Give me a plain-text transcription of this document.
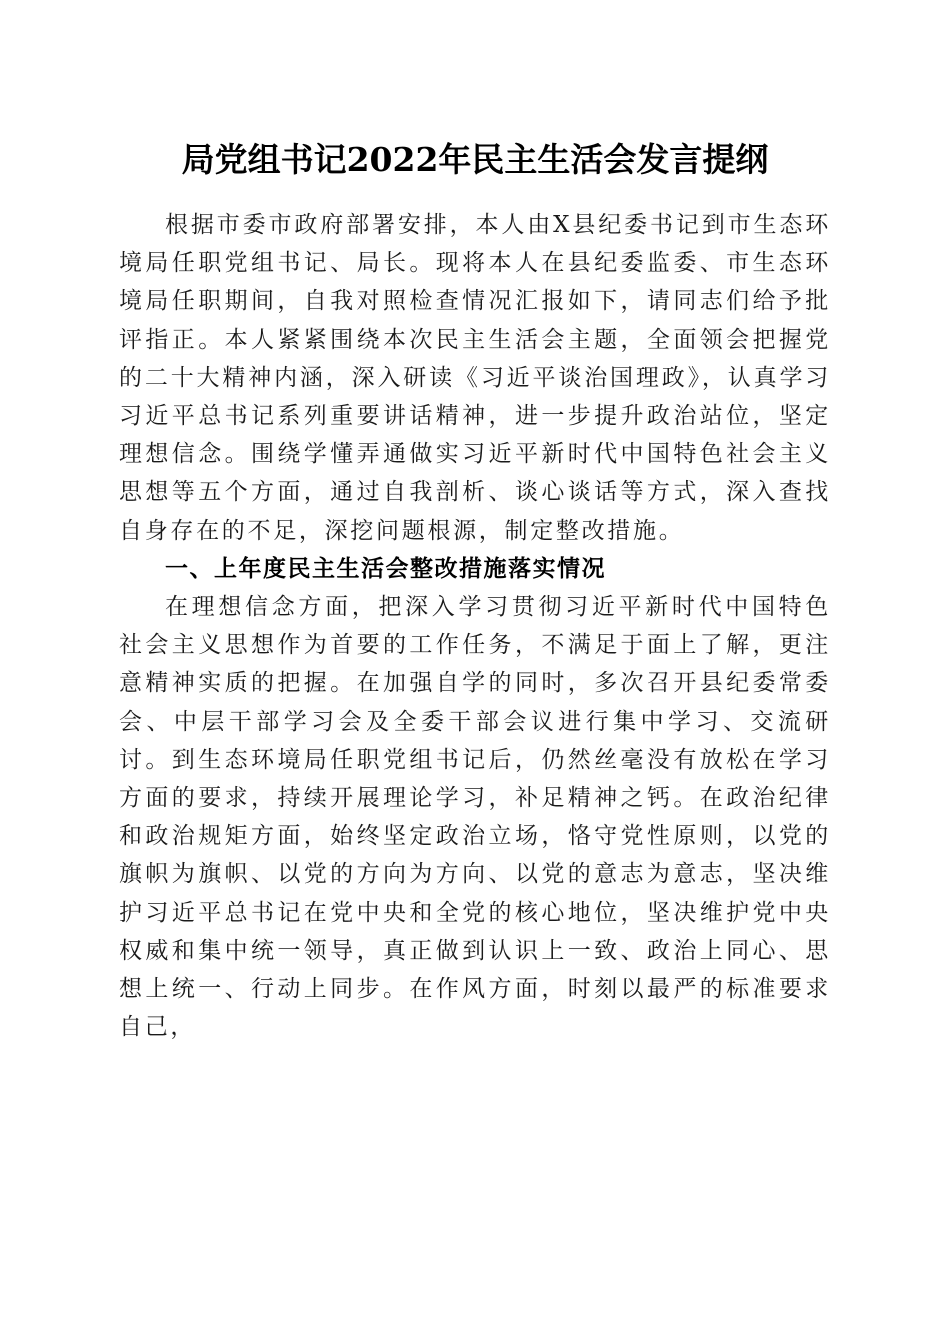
局党组书记2022年民主生活会发言提纲

根据市委市政府部署安排，本人由X县纪委书记到市生态环境局任职党组书记、局长。现将本人在县纪委监委、市生态环境局任职期间，自我对照检查情况汇报如下，请同志们给予批评指正。本人紧紧围绕本次民主生活会主题，全面领会把握党的二十大精神内涵，深入研读《习近平谈治国理政》，认真学习习近平总书记系列重要讲话精神，进一步提升政治站位，坚定理想信念。围绕学懂弄通做实习近平新时代中国特色社会主义思想等五个方面，通过自我剖析、谈心谈话等方式，深入查找自身存在的不足，深挖问题根源，制定整改措施。

一、上年度民主生活会整改措施落实情况

在理想信念方面，把深入学习贯彻习近平新时代中国特色社会主义思想作为首要的工作任务，不满足于面上了解，更注意精神实质的把握。在加强自学的同时，多次召开县纪委常委会、中层干部学习会及全委干部会议进行集中学习、交流研讨。到生态环境局任职党组书记后，仍然丝毫没有放松在学习方面的要求，持续开展理论学习，补足精神之钙。在政治纪律和政治规矩方面，始终坚定政治立场，恪守党性原则，以党的旗帜为旗帜、以党的方向为方向、以党的意志为意志，坚决维护习近平总书记在党中央和全党的核心地位，坚决维护党中央权威和集中统一领导，真正做到认识上一致、政治上同心、思想上统一、行动上同步。在作风方面，时刻以最严的标准要求自己，
